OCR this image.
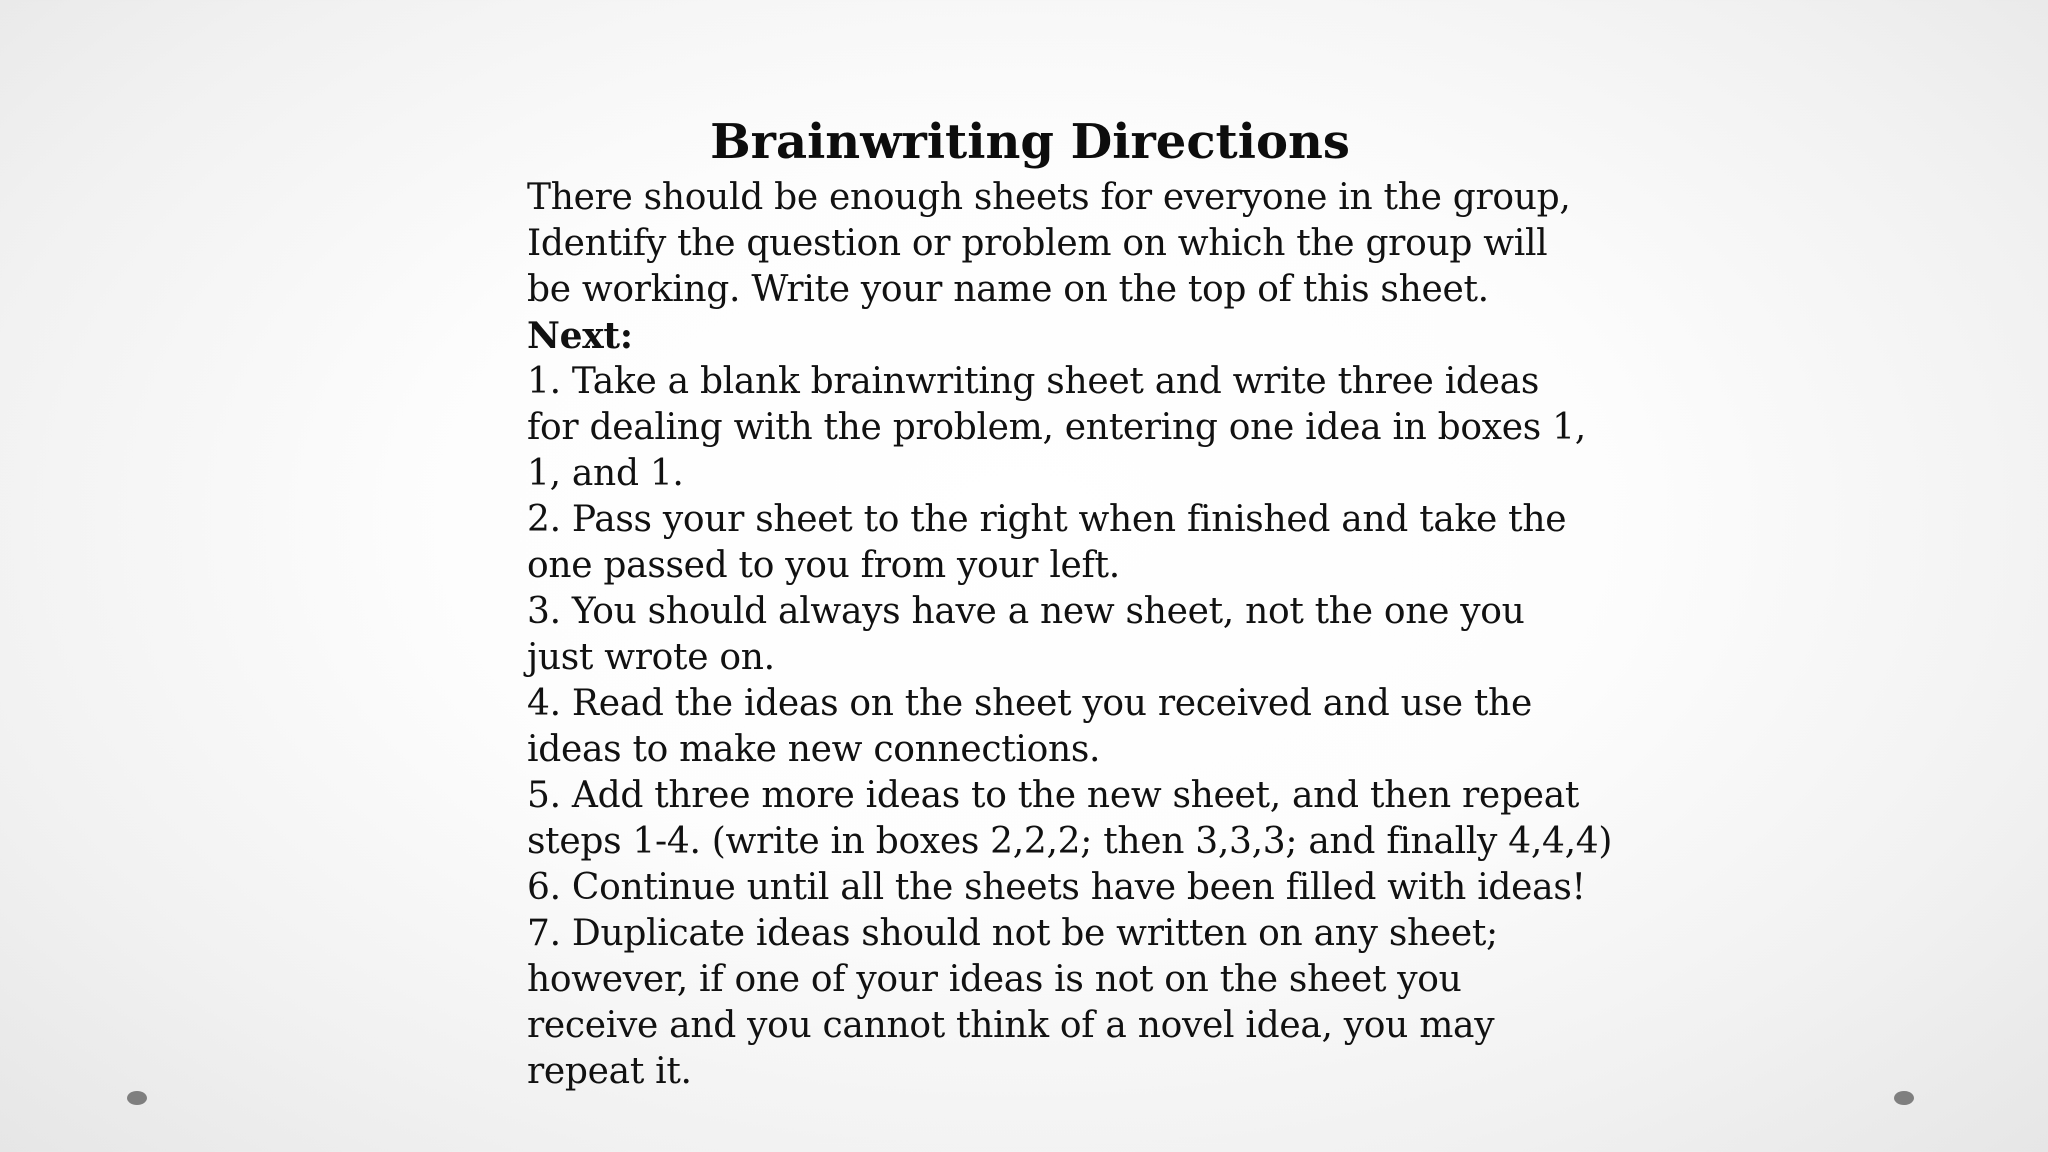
Brainwriting Directions
There should be enough sheets for everyone in the group,
Identify the question or problem on which the group will
be working. Write your name on the top of this sheet.
Next:
1. Take a blank brainwriting sheet and write three ideas
for dealing with the problem, entering one idea in boxes 1,
1, and 1.
2. Pass your sheet to the right when finished and take the
one passed to you from your left.
3. You should always have a new sheet, not the one you
just wrote on.
4. Read the ideas on the sheet you received and use the
ideas to make new connections.
5. Add three more ideas to the new sheet, and then repeat
steps 1-4. (write in boxes 2,2,2; then 3,3,3; and finally 4,4,4)
6. Continue until all the sheets have been filled with ideas!
7. Duplicate ideas should not be written on any sheet;
however, if one of your ideas is not on the sheet you
receive and you cannot think of a novel idea, you may
repeat it.
